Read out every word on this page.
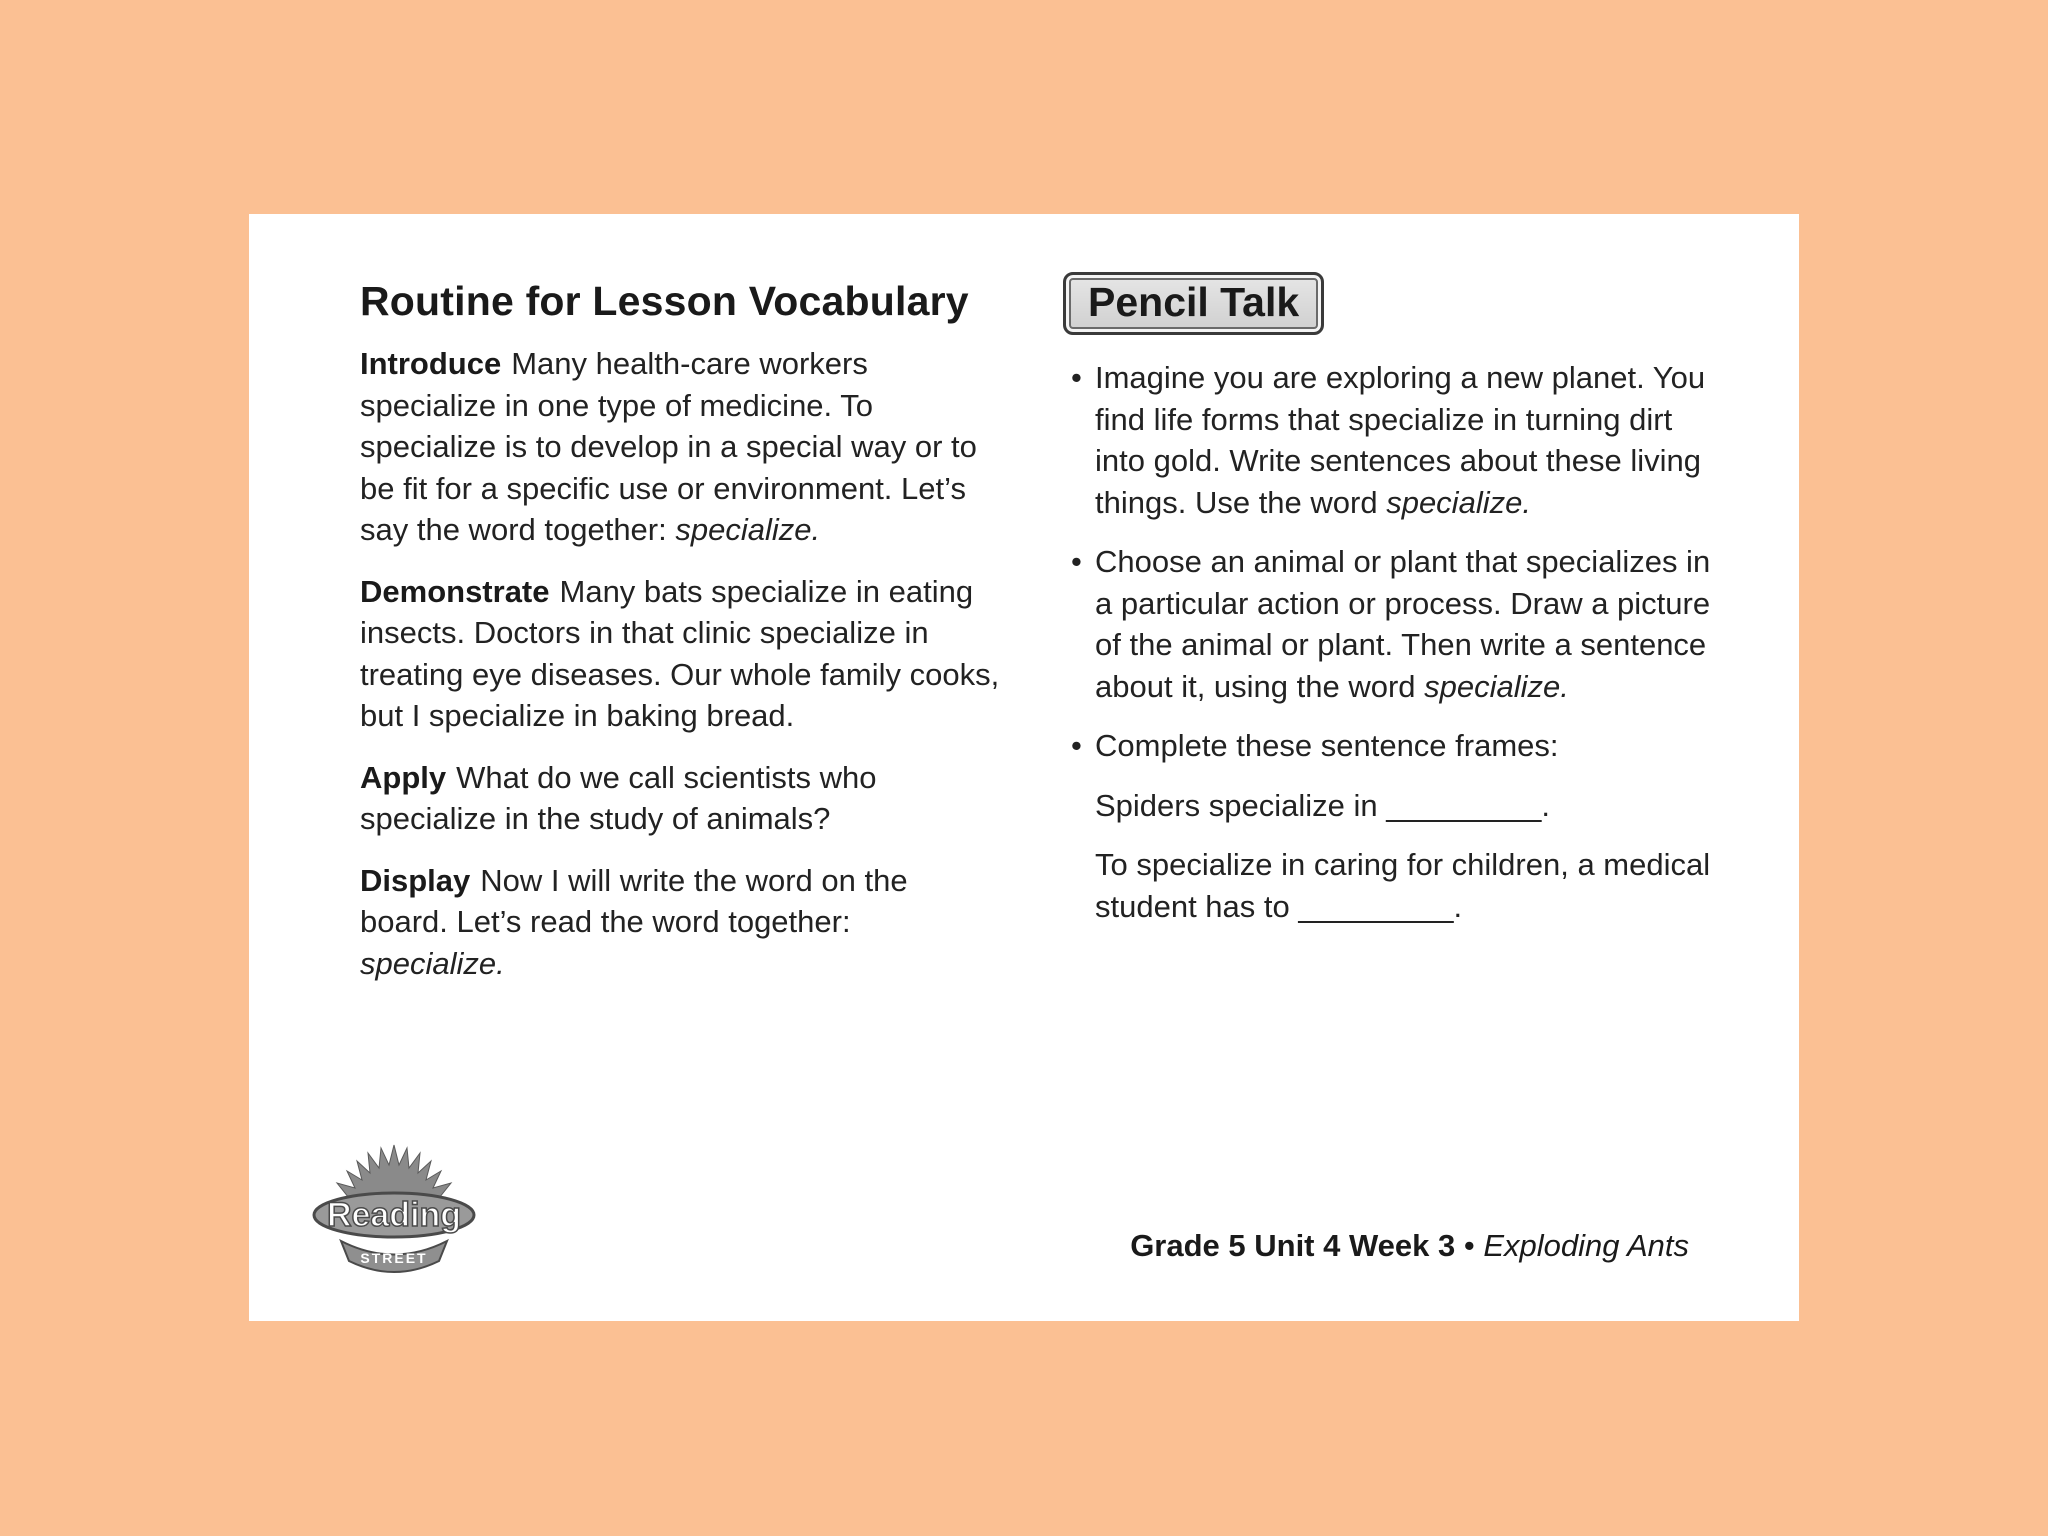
Routine for Lesson Vocabulary

Introduce Many health-care workers specialize in one type of medicine. To specialize is to develop in a special way or to be fit for a specific use or environment. Let’s say the word together: specialize.

Demonstrate Many bats specialize in eating insects. Doctors in that clinic specialize in treating eye diseases. Our whole family cooks, but I specialize in baking bread.

Apply What do we call scientists who specialize in the study of animals?

Display Now I will write the word on the board. Let’s read the word together: specialize.

Pencil Talk
• Imagine you are exploring a new planet. You find life forms that specialize in turning dirt into gold. Write sentences about these living things. Use the word specialize.
• Choose an animal or plant that specializes in a particular action or process. Draw a picture of the animal or plant. Then write a sentence about it, using the word specialize.
• Complete these sentence frames:

Spiders specialize in _________.

To specialize in caring for children, a medical student has to _________.

Reading
STREET	Grade 5 Unit 4 Week 3 • Exploding Ants
